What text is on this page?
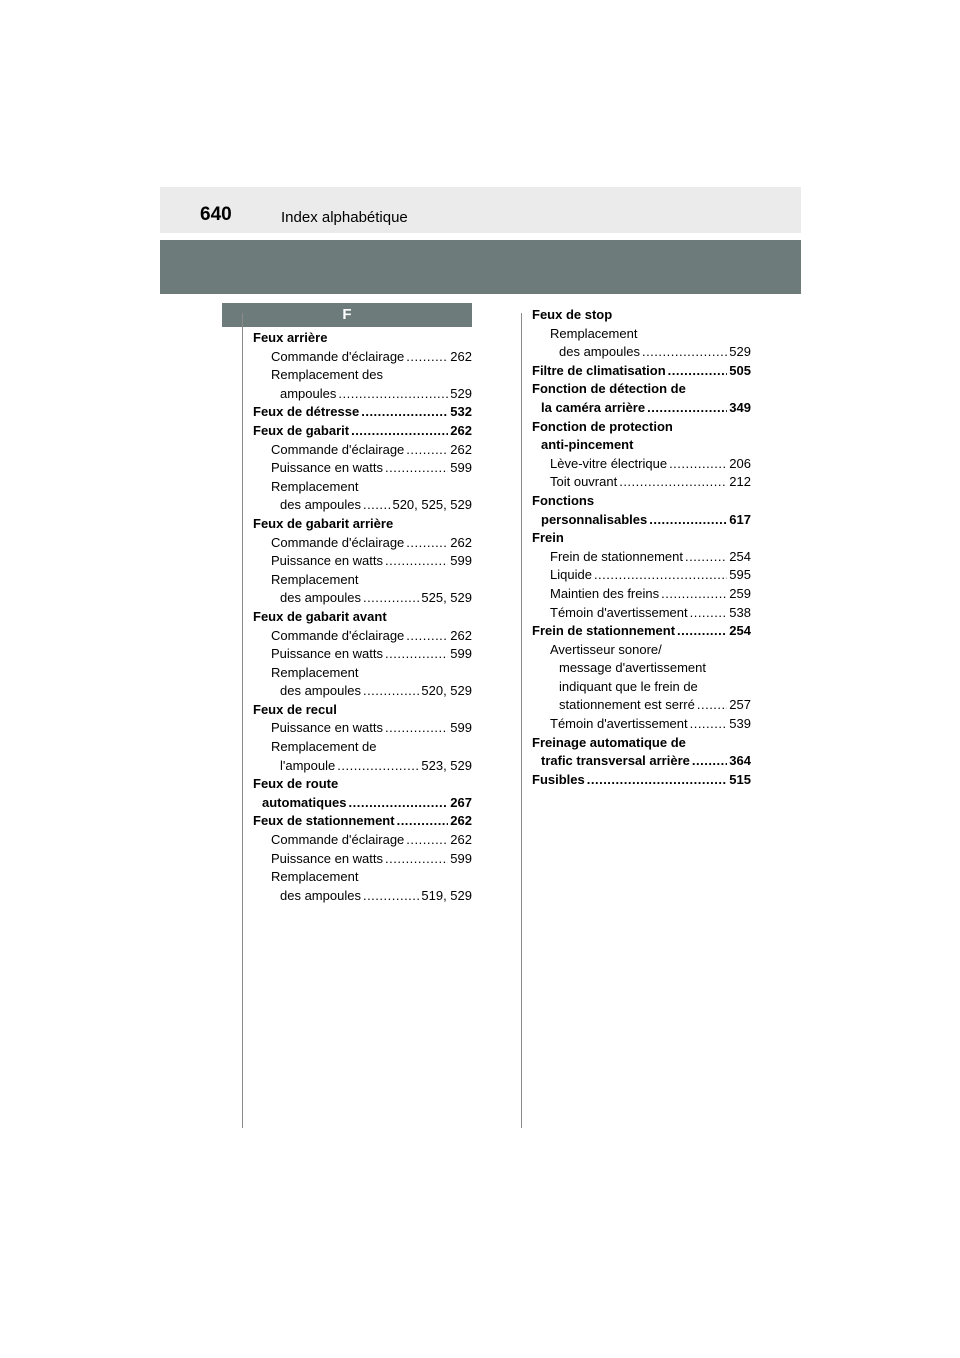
640	Index alphabétique
F
Feux arrière
Commande d'éclairage .....	262
Remplacement des
ampoules .....	529
Feux de détresse .....	532
Feux de gabarit .....	262
Commande d'éclairage .....	262
Puissance en watts .....	599
Remplacement
des ampoules ..... 520, 525, 529
Feux de gabarit arrière
Commande d'éclairage .....	262
Puissance en watts .....	599
Remplacement
des ampoules .....	525, 529
Feux de gabarit avant
Commande d'éclairage .....	262
Puissance en watts .....	599
Remplacement
des ampoules .....	520, 529
Feux de recul
Puissance en watts .....	599
Remplacement de
l'ampoule .....	523, 529
Feux de route
automatiques .....	267
Feux de stationnement .....	262
Commande d'éclairage .....	262
Puissance en watts .....	599
Remplacement
des ampoules .....	519, 529
Feux de stop
Remplacement
des ampoules .....	529
Filtre de climatisation .....	505
Fonction de détection de
la caméra arrière .....	349
Fonction de protection
anti-pincement
Lève-vitre électrique .....	206
Toit ouvrant .....	212
Fonctions
personnalisables .....	617
Frein
Frein de stationnement .....	254
Liquide .....	595
Maintien des freins .....	259
Témoin d'avertissement .....	538
Frein de stationnement .....	254
Avertisseur sonore/
message d'avertissement
indiquant que le frein de
stationnement est serré .....	257
Témoin d'avertissement .....	539
Freinage automatique de
trafic transversal arrière .....	364
Fusibles .....	515
